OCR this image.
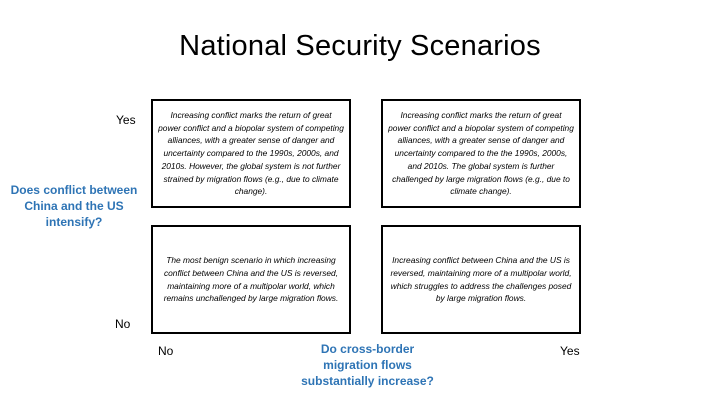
National Security Scenarios
Yes
No
Does conflict between China and the US intensify?
Increasing conflict marks the return of great power conflict and a biopolar system of competing alliances, with a greater sense of danger and uncertainty compared to the 1990s, 2000s, and 2010s. However, the global system is not further strained by migration flows (e.g., due to climate change).
Increasing conflict marks the return of great power conflict and a biopolar system of competing alliances, with a greater sense of danger and uncertainty compared to the the 1990s, 2000s, and 2010s. The global system is further challenged by large migration flows (e.g., due to climate change).
The most benign scenario in which increasing conflict between China and the US is reversed, maintaining more of a multipolar world, which remains unchallenged by large migration flows.
Increasing conflict between China and the US is reversed, maintaining more of a multipolar world, which struggles to address the challenges posed by large migration flows.
No	Do cross-border migration flows substantially increase?
Yes
